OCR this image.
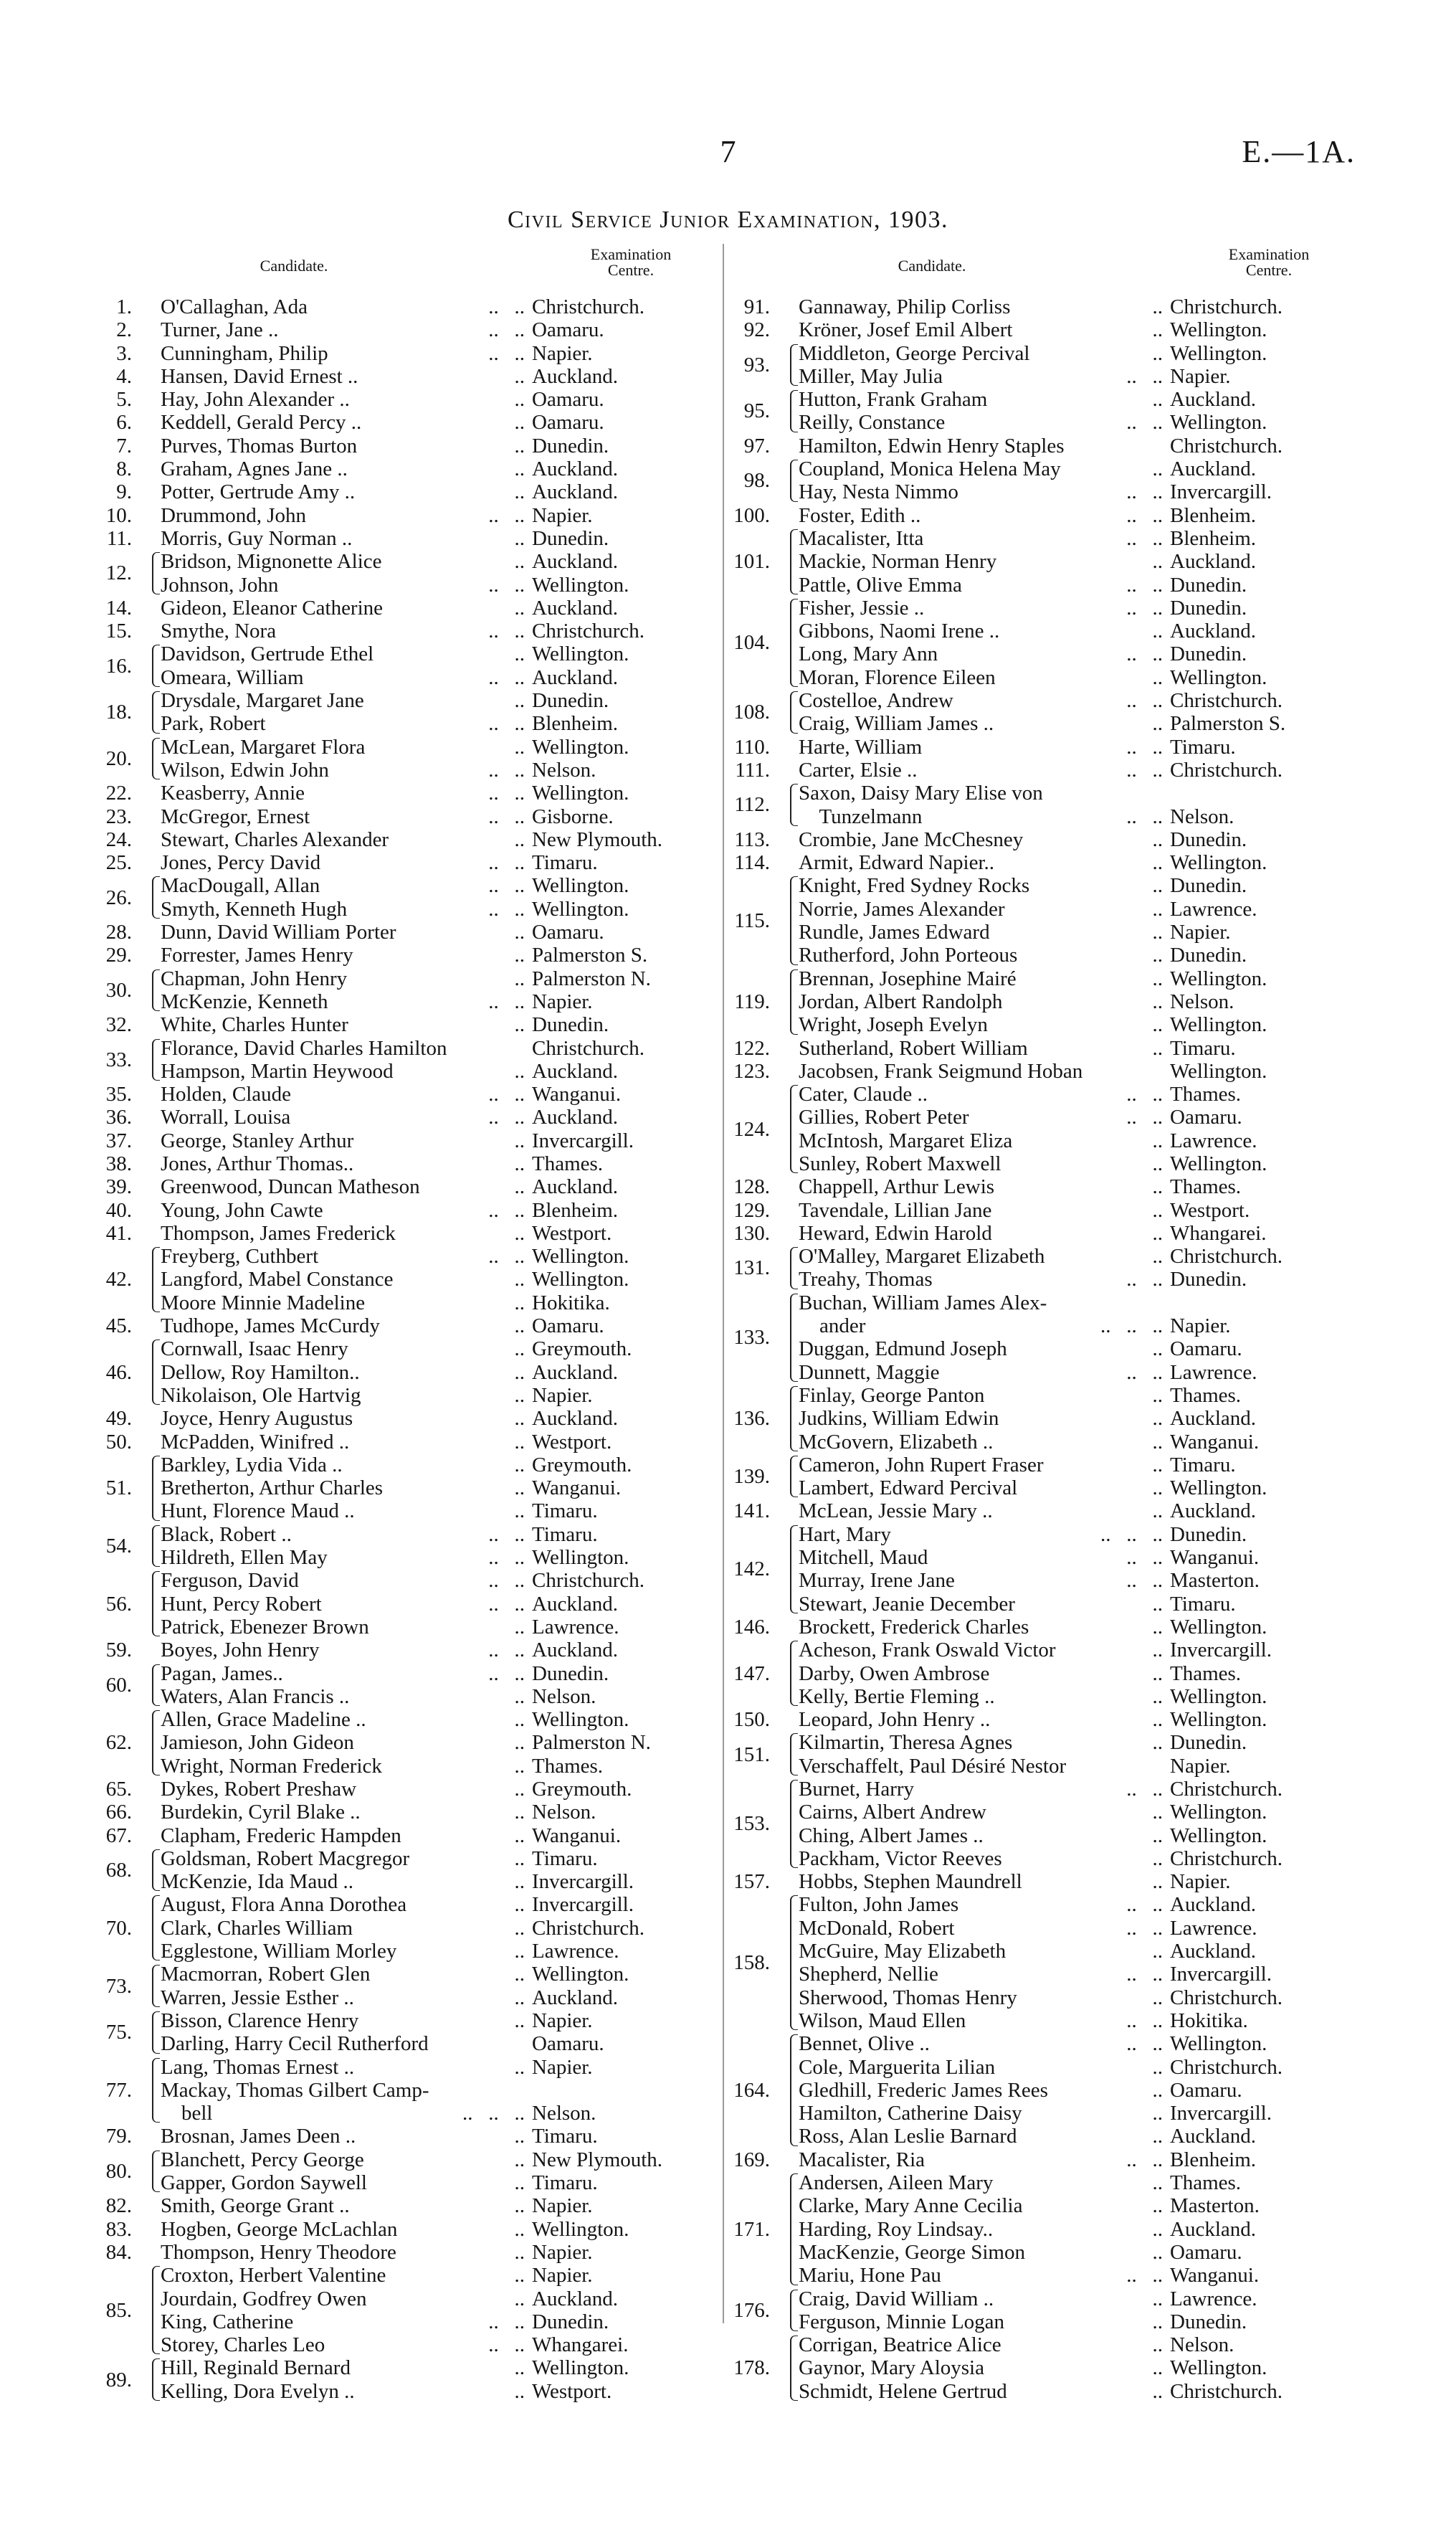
7	E.—1A.
Civil Service Junior Examination, 1903.
Candidate.
Examination
Centre.
1. O'Callaghan, Ada	..   .. Christchurch.
2. Turner, Jane ..	..   .. Oamaru.
3. Cunningham, Philip	..   .. Napier.
4. Hansen, David Ernest ..	.. Auckland.
5. Hay, John Alexander ..	.. Oamaru.
6. Keddell, Gerald Percy ..	.. Oamaru.
7. Purves, Thomas Burton	.. Dunedin.
8. Graham, Agnes Jane ..	.. Auckland.
9. Potter, Gertrude Amy ..	.. Auckland.
10. Drummond, John	..   .. Napier.
11. Morris, Guy Norman ..	.. Dunedin.
12.
Bridson, Mignonette Alice	.. Auckland.
Johnson, John	..   .. Wellington.
14. Gideon, Eleanor Catherine	.. Auckland.
15. Smythe, Nora	..   .. Christchurch.
16.
Davidson, Gertrude Ethel	.. Wellington.
Omeara, William	..   .. Auckland.
18.
Drysdale, Margaret Jane	.. Dunedin.
Park, Robert	..   .. Blenheim.
20.
McLean, Margaret Flora	.. Wellington.
Wilson, Edwin John	..   .. Nelson.
22. Keasberry, Annie	..   .. Wellington.
23. McGregor, Ernest	..   .. Gisborne.
24. Stewart, Charles Alexander	.. New Plymouth.
25. Jones, Percy David	..   .. Timaru.
26.
MacDougall, Allan	..   .. Wellington.
Smyth, Kenneth Hugh	..   .. Wellington.
28. Dunn, David William Porter	.. Oamaru.
29. Forrester, James Henry	.. Palmerston S.
30.
Chapman, John Henry	.. Palmerston N.
McKenzie, Kenneth	..   .. Napier.
32. White, Charles Hunter	.. Dunedin.
33.
Florance, David Charles Hamilton	Christchurch.
Hampson, Martin Heywood	.. Auckland.
35. Holden, Claude	..   .. Wanganui.
36. Worrall, Louisa	..   .. Auckland.
37. George, Stanley Arthur	.. Invercargill.
38. Jones, Arthur Thomas..	.. Thames.
39. Greenwood, Duncan Matheson	.. Auckland.
40. Young, John Cawte	..   .. Blenheim.
41. Thompson, James Frederick	.. Westport.
42.
Freyberg, Cuthbert	..   .. Wellington.
Langford, Mabel Constance	.. Wellington.
Moore Minnie Madeline	.. Hokitika.
45. Tudhope, James McCurdy	.. Oamaru.
46.
Cornwall, Isaac Henry	.. Greymouth.
Dellow, Roy Hamilton..	.. Auckland.
Nikolaison, Ole Hartvig	.. Napier.
49. Joyce, Henry Augustus	.. Auckland.
50. McPadden, Winifred ..	.. Westport.
51.
Barkley, Lydia Vida ..	.. Greymouth.
Bretherton, Arthur Charles	.. Wanganui.
Hunt, Florence Maud ..	.. Timaru.
54.
Black, Robert ..	..   .. Timaru.
Hildreth, Ellen May	..   .. Wellington.
56.
Ferguson, David	..   .. Christchurch.
Hunt, Percy Robert	..   .. Auckland.
Patrick, Ebenezer Brown	.. Lawrence.
59. Boyes, John Henry	..   .. Auckland.
60.
Pagan, James..	..   .. Dunedin.
Waters, Alan Francis ..	.. Nelson.
62.
Allen, Grace Madeline ..	.. Wellington.
Jamieson, John Gideon	.. Palmerston N.
Wright, Norman Frederick	.. Thames.
65. Dykes, Robert Preshaw	.. Greymouth.
66. Burdekin, Cyril Blake ..	.. Nelson.
67. Clapham, Frederic Hampden	.. Wanganui.
68.
Goldsman, Robert Macgregor	.. Timaru.
McKenzie, Ida Maud ..	.. Invercargill.
70.
August, Flora Anna Dorothea	.. Invercargill.
Clark, Charles William	.. Christchurch.
Egglestone, William Morley	.. Lawrence.
73.
Macmorran, Robert Glen	.. Wellington.
Warren, Jessie Esther ..	.. Auckland.
75.
Bisson, Clarence Henry	.. Napier.
Darling, Harry Cecil Rutherford	Oamaru.
77.
Lang, Thomas Ernest ..	.. Napier.
Mackay, Thomas Gilbert Camp-
bell	..   ..   .. Nelson.
79. Brosnan, James Deen ..	.. Timaru.
80.
Blanchett, Percy George	.. New Plymouth.
Gapper, Gordon Saywell	.. Timaru.
82. Smith, George Grant ..	.. Napier.
83. Hogben, George McLachlan	.. Wellington.
84. Thompson, Henry Theodore	.. Napier.
85.
Croxton, Herbert Valentine	.. Napier.
Jourdain, Godfrey Owen	.. Auckland.
King, Catherine	..   .. Dunedin.
Storey, Charles Leo	..   .. Whangarei.
89.
Hill, Reginald Bernard	.. Wellington.
Kelling, Dora Evelyn ..	.. Westport.
Candidate.
Examination
Centre.
91. Gannaway, Philip Corliss	.. Christchurch.
92. Kröner, Josef Emil Albert	.. Wellington.
93.
Middleton, George Percival	.. Wellington.
Miller, May Julia	..   .. Napier.
95.
Hutton, Frank Graham	.. Auckland.
Reilly, Constance	..   .. Wellington.
97. Hamilton, Edwin Henry Staples	Christchurch.
98.
Coupland, Monica Helena May	.. Auckland.
Hay, Nesta Nimmo	..   .. Invercargill.
100. Foster, Edith ..	..   .. Blenheim.
101.
Macalister, Itta	..   .. Blenheim.
Mackie, Norman Henry	.. Auckland.
Pattle, Olive Emma	..   .. Dunedin.
104.
Fisher, Jessie ..	..   .. Dunedin.
Gibbons, Naomi Irene ..	.. Auckland.
Long, Mary Ann	..   .. Dunedin.
Moran, Florence Eileen	.. Wellington.
108.
Costelloe, Andrew	..   .. Christchurch.
Craig, William James ..	.. Palmerston S.
110. Harte, William	..   .. Timaru.
111. Carter, Elsie ..	..   .. Christchurch.
112.
Saxon, Daisy Mary Elise von
Tunzelmann	..   .. Nelson.
113. Crombie, Jane McChesney	.. Dunedin.
114. Armit, Edward Napier..	.. Wellington.
115.
Knight, Fred Sydney Rocks	.. Dunedin.
Norrie, James Alexander	.. Lawrence.
Rundle, James Edward	.. Napier.
Rutherford, John Porteous	.. Dunedin.
119.
Brennan, Josephine Mairé	.. Wellington.
Jordan, Albert Randolph	.. Nelson.
Wright, Joseph Evelyn	.. Wellington.
122. Sutherland, Robert William	.. Timaru.
123. Jacobsen, Frank Seigmund Hoban	Wellington.
124.
Cater, Claude ..	..   .. Thames.
Gillies, Robert Peter	..   .. Oamaru.
McIntosh, Margaret Eliza	.. Lawrence.
Sunley, Robert Maxwell	.. Wellington.
128. Chappell, Arthur Lewis	.. Thames.
129. Tavendale, Lillian Jane	.. Westport.
130. Heward, Edwin Harold	.. Whangarei.
131.
O'Malley, Margaret Elizabeth	.. Christchurch.
Treahy, Thomas	..   .. Dunedin.
133.
Buchan, William James Alex-
ander	..   ..   .. Napier.
Duggan, Edmund Joseph	.. Oamaru.
Dunnett, Maggie	..   .. Lawrence.
136.
Finlay, George Panton	.. Thames.
Judkins, William Edwin	.. Auckland.
McGovern, Elizabeth ..	.. Wanganui.
139.
Cameron, John Rupert Fraser	.. Timaru.
Lambert, Edward Percival	.. Wellington.
141. McLean, Jessie Mary ..	.. Auckland.
142.
Hart, Mary	..   ..   .. Dunedin.
Mitchell, Maud	..   .. Wanganui.
Murray, Irene Jane	..   .. Masterton.
Stewart, Jeanie December	.. Timaru.
146. Brockett, Frederick Charles	.. Wellington.
147.
Acheson, Frank Oswald Victor	.. Invercargill.
Darby, Owen Ambrose	.. Thames.
Kelly, Bertie Fleming ..	.. Wellington.
150. Leopard, John Henry ..	.. Wellington.
151.
Kilmartin, Theresa Agnes	.. Dunedin.
Verschaffelt, Paul Désiré Nestor	Napier.
153.
Burnet, Harry	..   .. Christchurch.
Cairns, Albert Andrew	.. Wellington.
Ching, Albert James ..	.. Wellington.
Packham, Victor Reeves	.. Christchurch.
157. Hobbs, Stephen Maundrell	.. Napier.
158.
Fulton, John James	..   .. Auckland.
McDonald, Robert	..   .. Lawrence.
McGuire, May Elizabeth	.. Auckland.
Shepherd, Nellie	..   .. Invercargill.
Sherwood, Thomas Henry	.. Christchurch.
Wilson, Maud Ellen	..   .. Hokitika.
164.
Bennet, Olive ..	..   .. Wellington.
Cole, Marguerita Lilian	.. Christchurch.
Gledhill, Frederic James Rees	.. Oamaru.
Hamilton, Catherine Daisy	.. Invercargill.
Ross, Alan Leslie Barnard	.. Auckland.
169. Macalister, Ria	..   .. Blenheim.
171.
Andersen, Aileen Mary	.. Thames.
Clarke, Mary Anne Cecilia	.. Masterton.
Harding, Roy Lindsay..	.. Auckland.
MacKenzie, George Simon	.. Oamaru.
Mariu, Hone Pau	..   .. Wanganui.
176.
Craig, David William ..	.. Lawrence.
Ferguson, Minnie Logan	.. Dunedin.
178.
Corrigan, Beatrice Alice	.. Nelson.
Gaynor, Mary Aloysia	.. Wellington.
Schmidt, Helene Gertrud	.. Christchurch.
